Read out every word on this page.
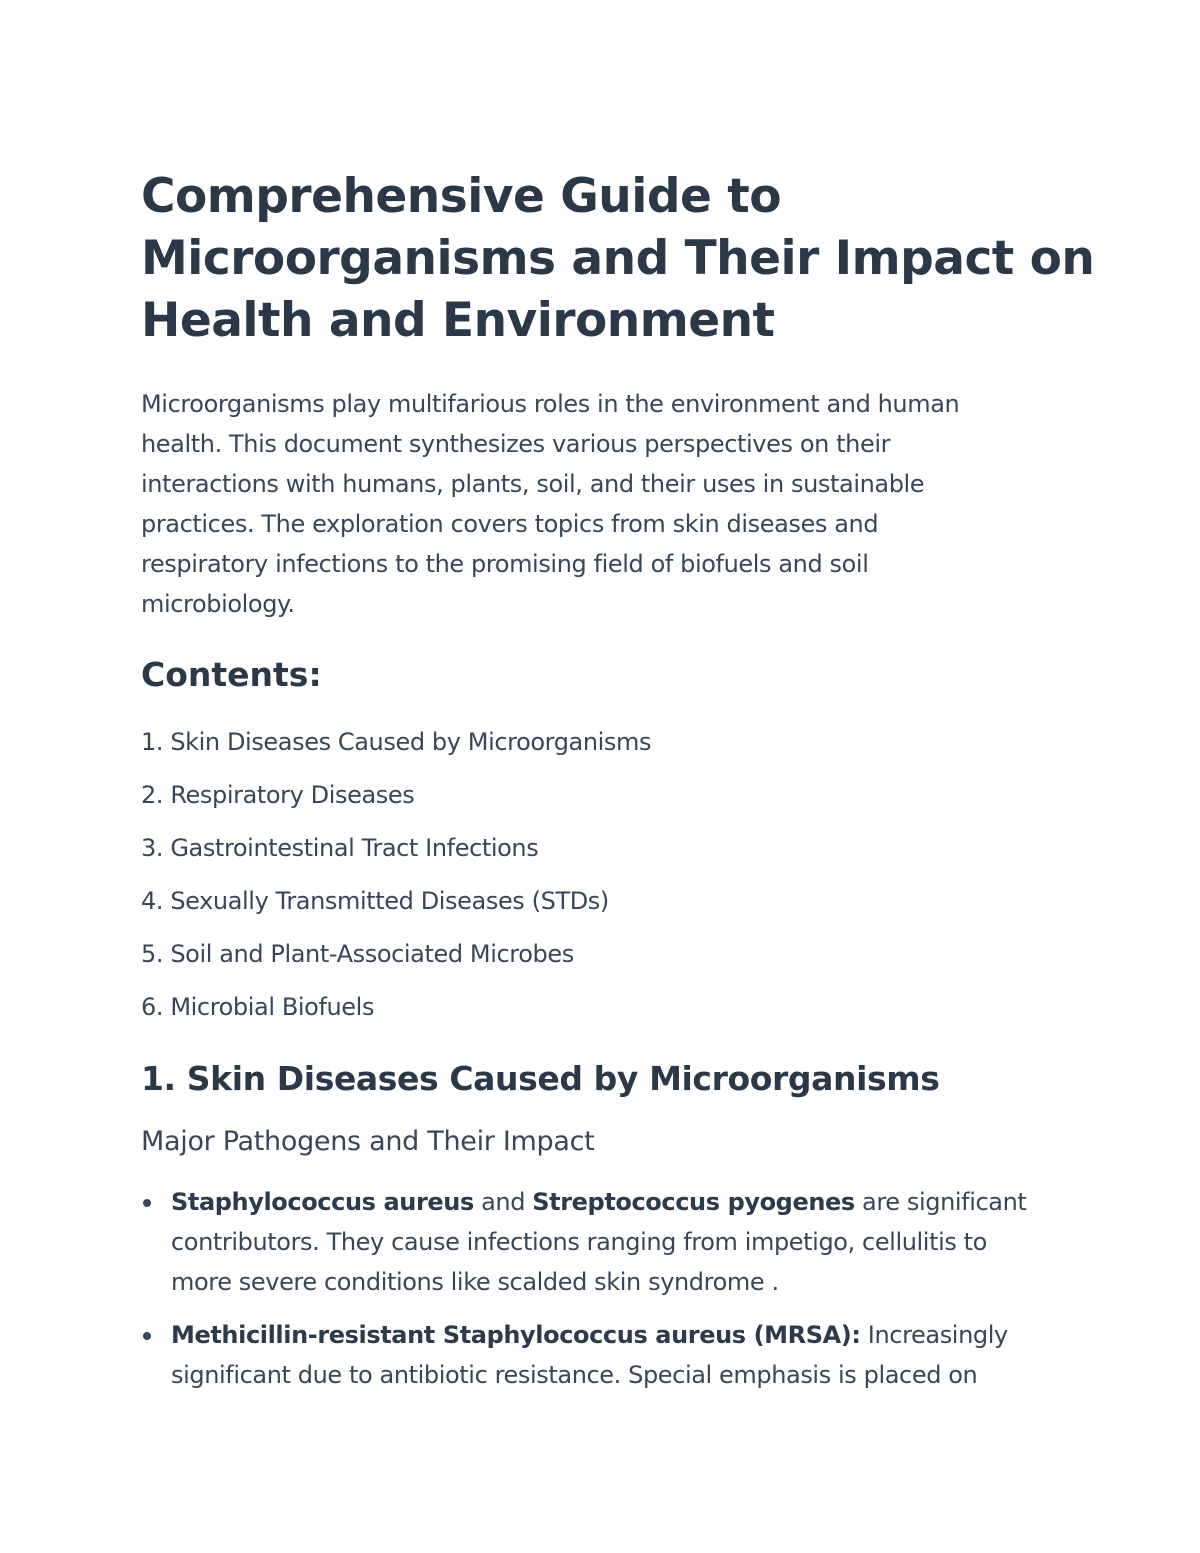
Comprehensive Guide to
Microorganisms and Their Impact on
Health and Environment

Microorganisms play multifarious roles in the environment and human
health. This document synthesizes various perspectives on their
interactions with humans, plants, soil, and their uses in sustainable
practices. The exploration covers topics from skin diseases and
respiratory infections to the promising field of biofuels and soil
microbiology.

Contents:
1. Skin Diseases Caused by Microorganisms
2. Respiratory Diseases
3. Gastrointestinal Tract Infections
4. Sexually Transmitted Diseases (STDs)
5. Soil and Plant-Associated Microbes
6. Microbial Biofuels
1. Skin Diseases Caused by Microorganisms
Major Pathogens and Their Impact
Staphylococcus aureus and Streptococcus pyogenes are significant
contributors. They cause infections ranging from impetigo, cellulitis to
more severe conditions like scalded skin syndrome .
Methicillin-resistant Staphylococcus aureus (MRSA): Increasingly
significant due to antibiotic resistance. Special emphasis is placed on
